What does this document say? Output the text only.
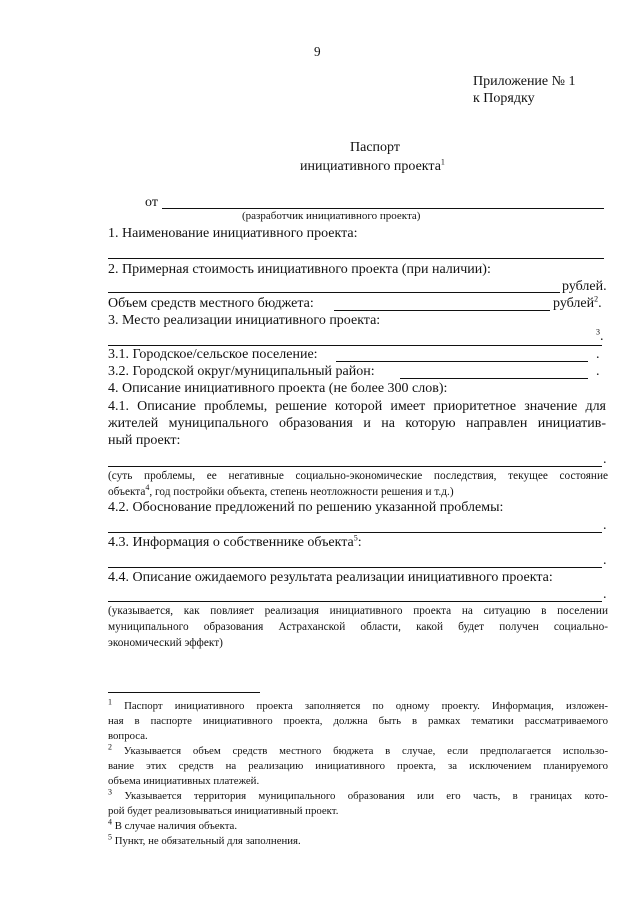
9
Приложение № 1
к Порядку
Паспорт
инициативного проекта$^1$
от
(разработчик инициативного проекта)
1. Наименование инициативного проекта:
2. Примерная стоимость инициативного проекта (при наличии):
рублей.
Объем средств местного бюджета:	рублей$^2$.
3. Место реализации инициативного проекта:
$^3$.
3.1. Городское/сельское поселение:	.
3.2. Городской округ/муниципальный район:	.
4. Описание инициативного проекта (не более 300 слов):
4.1. Описание проблемы, решение которой имеет приоритетное значение для
жителей муниципального образования и на которую направлен инициатив-
ный проект:
.
(суть проблемы, ее негативные социально-экономические последствия, текущее состояние
объекта$^4$, год постройки объекта, степень неотложности решения и т.д.)
4.2. Обоснование предложений по решению указанной проблемы:
.
4.3. Информация о собственнике объекта$^5$:
.
4.4. Описание ожидаемого результата реализации инициативного проекта:
.
(указывается, как повлияет реализация инициативного проекта на ситуацию в поселении
муниципального образования Астраханской области, какой будет получен социально-
экономический эффект)
$^1$ Паспорт инициативного проекта заполняется по одному проекту. Информация, изложен-
ная в паспорте инициативного проекта, должна быть в рамках тематики рассматриваемого
вопроса.
$^2$ Указывается объем средств местного бюджета в случае, если предполагается использо-
вание этих средств на реализацию инициативного проекта, за исключением планируемого
объема инициативных платежей.
$^3$ Указывается территория муниципального образования или его часть, в границах кото-
рой будет реализовываться инициативный проект.
$^4$ В случае наличия объекта.
$^5$ Пункт, не обязательный для заполнения.
